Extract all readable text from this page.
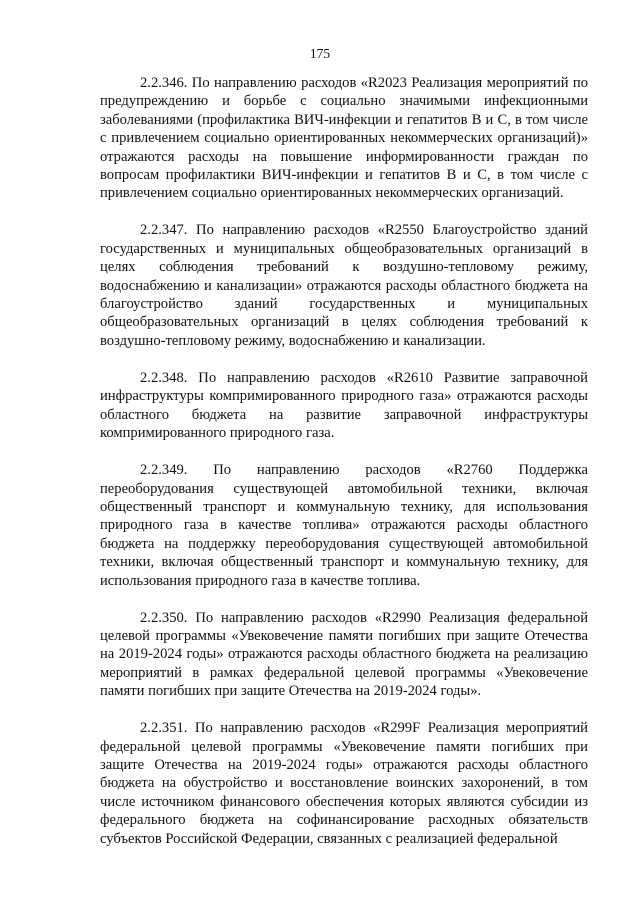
175

2.2.346. По направлению расходов «R2023 Реализация мероприятий по предупреждению и борьбе с социально значимыми инфекционными заболеваниями (профилактика ВИЧ-инфекции и гепатитов В и С, в том числе с привлечением социально ориентированных некоммерческих организаций)» отражаются расходы на повышение информированности граждан по вопросам профилактики ВИЧ-инфекции и гепатитов В и С, в том числе с привлечением социально ориентированных некоммерческих организаций.

2.2.347. По направлению расходов «R2550 Благоустройство зданий государственных и муниципальных общеобразовательных организаций в целях соблюдения требований к воздушно-тепловому режиму, водоснабжению и канализации» отражаются расходы областного бюджета на благоустройство зданий государственных и муниципальных общеобразовательных организаций в целях соблюдения требований к воздушно-тепловому режиму, водоснабжению и канализации.

2.2.348. По направлению расходов «R2610 Развитие заправочной инфраструктуры компримированного природного газа» отражаются расходы областного бюджета на развитие заправочной инфраструктуры компримированного природного газа.

2.2.349. По направлению расходов «R2760 Поддержка переоборудования существующей автомобильной техники, включая общественный транспорт и коммунальную технику, для использования природного газа в качестве топлива» отражаются расходы областного бюджета на поддержку переоборудования существующей автомобильной техники, включая общественный транспорт и коммунальную технику, для использования природного газа в качестве топлива.

2.2.350. По направлению расходов «R2990 Реализация федеральной целевой программы «Увековечение памяти погибших при защите Отечества на 2019-2024 годы» отражаются расходы областного бюджета на реализацию мероприятий в рамках федеральной целевой программы «Увековечение памяти погибших при защите Отечества на 2019-2024 годы».

2.2.351. По направлению расходов «R299F Реализация мероприятий федеральной целевой программы «Увековечение памяти погибших при защите Отечества на 2019-2024 годы» отражаются расходы областного бюджета на обустройство и восстановление воинских захоронений, в том числе источником финансового обеспечения которых являются субсидии из федерального бюджета на софинансирование расходных обязательств субъектов Российской Федерации, связанных с реализацией федеральной
